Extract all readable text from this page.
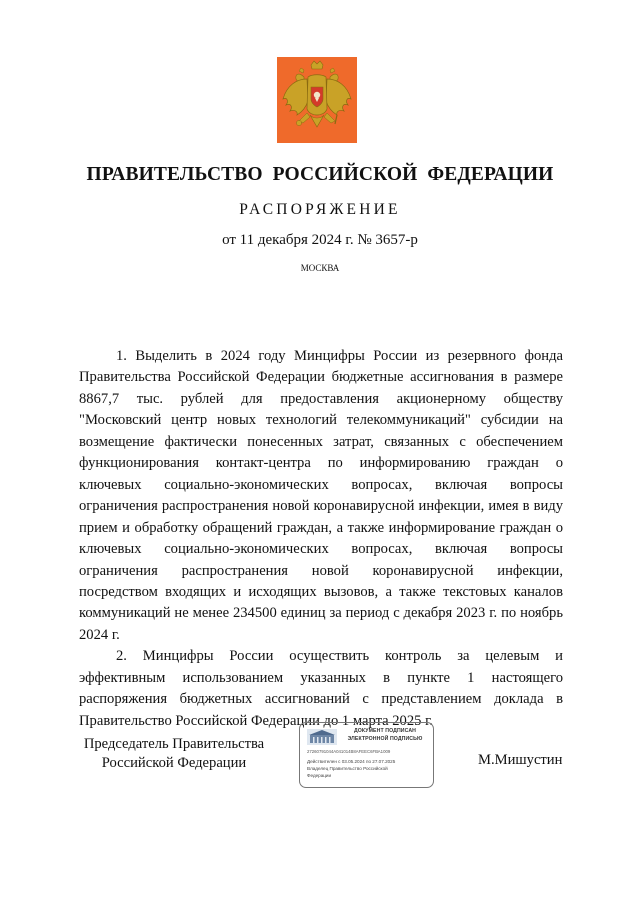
ПРАВИТЕЛЬСТВО РОССИЙСКОЙ ФЕДЕРАЦИИ
РАСПОРЯЖЕНИЕ
от 11 декабря 2024 г. № 3657-р
МОСКВА

1. Выделить в 2024 году Минцифры России из резервного фонда Правительства Российской Федерации бюджетные ассигнования в размере 8867,7 тыс. рублей для предоставления акционерному обществу "Московский центр новых технологий телекоммуникаций" субсидии на возмещение фактически понесенных затрат, связанных с обеспечением функционирования контакт-центра по информированию граждан о ключевых социально-экономических вопросах, включая вопросы ограничения распространения новой коронавирусной инфекции, имея в виду прием и обработку обращений граждан, а также информирование граждан о ключевых социально-экономических вопросах, включая вопросы ограничения распространения новой коронавирусной инфекции, посредством входящих и исходящих вызовов, а также текстовых каналов коммуникаций не менее 234500 единиц за период с декабря 2023 г. по ноябрь 2024 г.

2. Минцифры России осуществить контроль за целевым и эффективным использованием указанных в пункте 1 настоящего распоряжения бюджетных ассигнований с представлением доклада в Правительство Российской Федерации до 1 марта 2025 г.

Председатель Правительства Российской Федерации
ДОКУМЕНТ ПОДПИСАН ЭЛЕКТРОННОЙ ПОДПИСЬЮ
27260791044А041014В8АFЕЕС6FВА1009
Действителен с 03.05.2024 по 27.07.2025
Владелец Правительство Российской
Федерации
М.Мишустин
